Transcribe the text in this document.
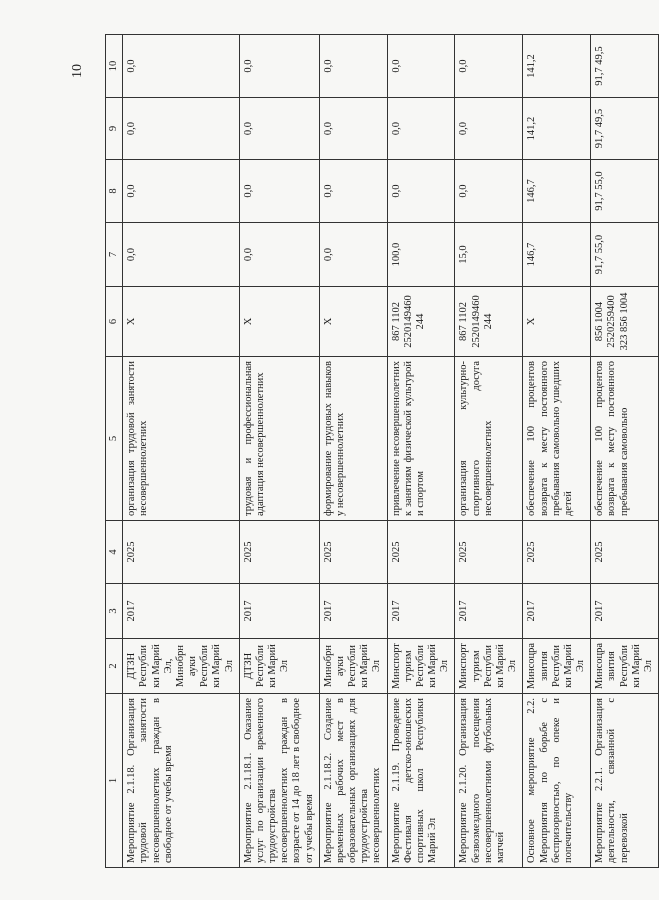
10
1	2	3	4	5	6	7	8	9	10
Мероприятие 2.1.18. Организация трудовой занятости несовершеннолетних граждан в свободное от учебы время	ДТЗН Республики Марий Эл, Минобрнауки Республики Марий Эл	2017	2025	организация трудовой занятости несовершеннолетних	X	0,0	0,0	0,0	0,0
Мероприятие 2.1.18.1. Оказание услуг по организации временного трудоустройства несовершеннолетних граждан в возрасте от 14 до 18 лет в свободное от учебы время	ДТЗН Республики Марий Эл	2017	2025	трудовая и профессиональная адаптация несовершеннолетних	X	0,0	0,0	0,0	0,0
Мероприятие 2.1.18.2. Создание временных рабочих мест в образовательных организациях для трудоустройства несовершеннолетних	Минобрнауки Республики Марий Эл	2017	2025	формирование трудовых навыков у несовершеннолетних	X	0,0	0,0	0,0	0,0
Мероприятие 2.1.19. Проведение Фестиваля детско-юношеских спортивных школ Республики Марий Эл	Минспорттуризм Республики Марий Эл	2017	2025	привлечение несовершеннолетних к занятиям физической культурой и спортом	867 1102 2520149460 244	100,0	0,0	0,0	0,0
Мероприятие 2.1.20. Организация безвозмездного посещения несовершеннолетними футбольных матчей	Минспорттуризм Республики Марий Эл	2017	2025	организация культурно-спортивного досуга несовершеннолетних	867 1102 2520149460 244	15,0	0,0	0,0	0,0
Основное мероприятие 2.2. Мероприятия по борьбе с беспризорностью, по опеке и попечительству	Минсоцразвития Республики Марий Эл	2017	2025	обеспечение 100 процентов возврата к месту постоянного пребывания самовольно ушедших детей	X	146,7	146,7	141,2	141,2
Мероприятие 2.2.1. Организация деятельности, связанной с перевозкой	Минсоцразвития Республики Марий Эл	2017	2025	обеспечение 100 процентов возврата к месту постоянного пребывания самовольно	856 1004 2520259400 323 856 1004	91,7 55,0	91,7 55,0	91,7 49,5	91,7 49,5
